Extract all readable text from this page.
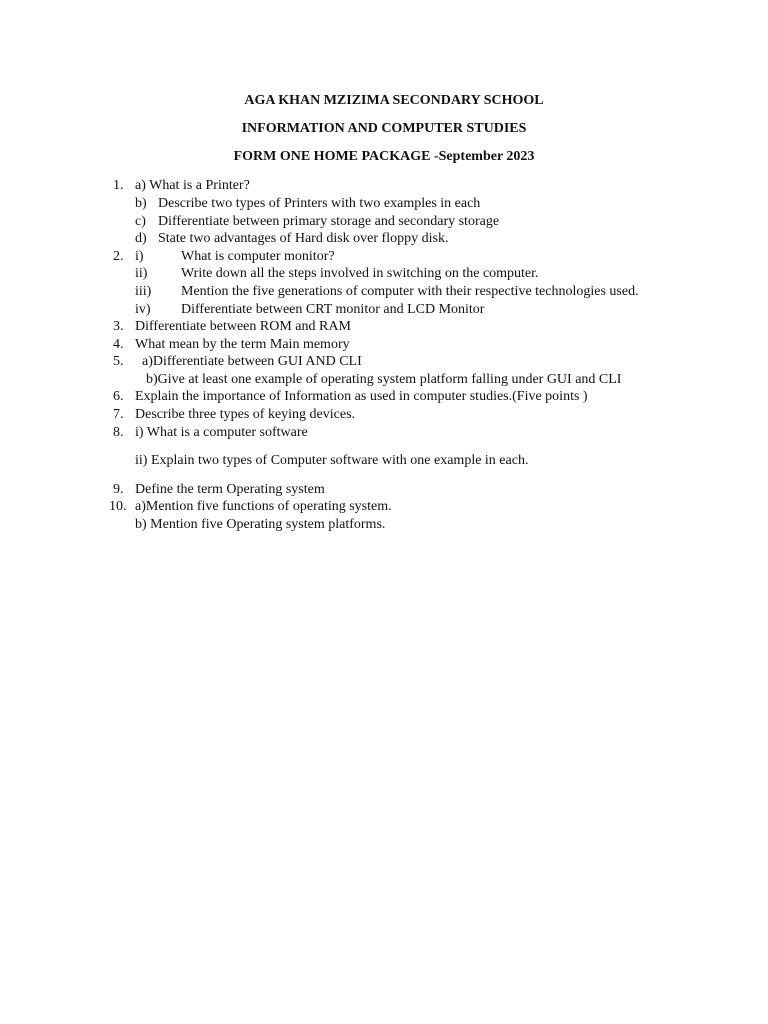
AGA KHAN MZIZIMA SECONDARY SCHOOL
INFORMATION AND COMPUTER STUDIES
FORM ONE HOME PACKAGE -September 2023
1. a) What is a Printer?
b) Describe two types of Printers with two examples in each
c) Differentiate between primary storage and secondary storage
d) State two advantages of Hard disk over floppy disk.
2. i)	What is computer monitor?
ii) Write down all the steps involved in switching on the computer.
iii) Mention the five generations of computer with their respective technologies used.
iv) Differentiate between CRT monitor and LCD Monitor
3. Differentiate between ROM and RAM
4. What mean by the term Main memory
5. a)Differentiate between GUI AND CLI
b)Give at least one example of operating system platform falling under GUI and CLI
6. Explain the importance of Information as used in computer studies.(Five points )
7. Describe three types of keying devices.
8. i) What is a computer software
ii) Explain two types of Computer software with one example in each.
9. Define the term Operating system
10. a)Mention five functions of operating system.
b) Mention five Operating system platforms.
